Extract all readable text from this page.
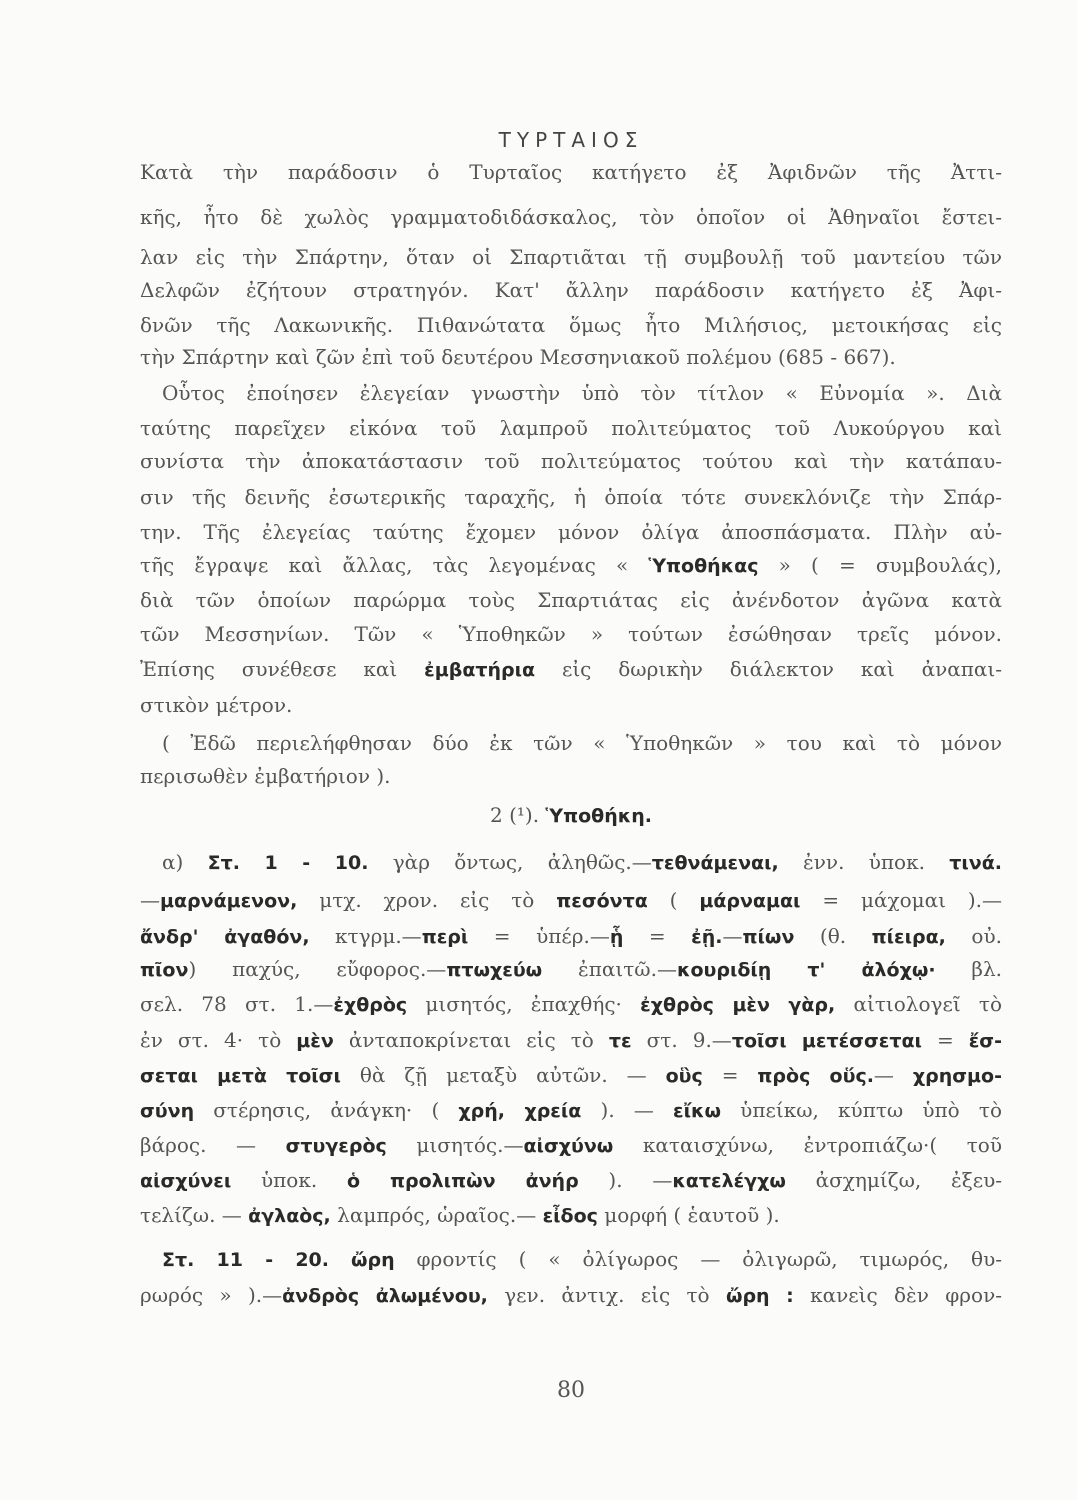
ΤΥΡΤΑΙΟΣ
Κατὰ τὴν παράδοσιν ὁ Τυρταῖος κατήγετο ἐξ Ἀφιδνῶν τῆς Ἀττι-
κῆς, ἦτο δὲ χωλὸς γραμματοδιδάσκαλος, τὸν ὁποῖον οἱ Ἀθηναῖοι ἔστει-
λαν εἰς τὴν Σπάρτην, ὅταν οἱ Σπαρτιᾶται τῇ συμβουλῇ τοῦ μαντείου τῶν
Δελφῶν ἐζήτουν στρατηγόν. Κατ' ἄλλην παράδοσιν κατήγετο ἐξ Ἀφι-
δνῶν τῆς Λακωνικῆς. Πιθανώτατα ὅμως ἦτο Μιλήσιος, μετοικήσας εἰς
τὴν Σπάρτην καὶ ζῶν ἐπὶ τοῦ δευτέρου Μεσσηνιακοῦ πολέμου (685 - 667).
Οὗτος ἐποίησεν ἐλεγείαν γνωστὴν ὑπὸ τὸν τίτλον « Εὐνομία ». Διὰ
ταύτης παρεῖχεν εἰκόνα τοῦ λαμπροῦ πολιτεύματος τοῦ Λυκούργου καὶ
συνίστα τὴν ἀποκατάστασιν τοῦ πολιτεύματος τούτου καὶ τὴν κατάπαυ-
σιν τῆς δεινῆς ἐσωτερικῆς ταραχῆς, ἡ ὁποία τότε συνεκλόνιζε τὴν Σπάρ-
την. Τῆς ἐλεγείας ταύτης ἔχομεν μόνον ὀλίγα ἀποσπάσματα. Πλὴν αὐ-
τῆς ἔγραψε καὶ ἄλλας, τὰς λεγομένας « Ὑποθήκας » ( = συμβουλάς),
διὰ τῶν ὁποίων παρώρμα τοὺς Σπαρτιάτας εἰς ἀνένδοτον ἀγῶνα κατὰ
τῶν Μεσσηνίων. Τῶν « Ὑποθηκῶν » τούτων ἐσώθησαν τρεῖς μόνον.
Ἐπίσης συνέθεσε καὶ ἐμβατήρια εἰς δωρικὴν διάλεκτον καὶ ἀναπαι-
στικὸν μέτρον.
( Ἐδῶ περιελήφθησαν δύο ἐκ τῶν « Ὑποθηκῶν » του καὶ τὸ μόνον
περισωθὲν ἐμβατήριον ).
2 (¹). Ὑποθήκη.
α) Στ. 1 - 10. γὰρ ὄντως, ἀληθῶς.—τεθνάμεναι, ἐνν. ὑποκ. τινά.
—μαρνάμενον, μτχ. χρον. εἰς τὸ πεσόντα ( μάρναμαι = μάχομαι ).—
ἄνδρ' ἀγαθόν, κτγρμ.—περὶ = ὑπέρ.—ᾗ = ἐῇ.—πίων (θ. πίειρα, οὐ.
πῖον) παχύς, εὔφορος.—πτωχεύω ἐπαιτῶ.—κουριδίῃ τ' ἀλόχῳ· βλ.
σελ. 78 στ. 1.—ἐχθρὸς μισητός, ἐπαχθής· ἐχθρὸς μὲν γὰρ, αἰτιολογεῖ τὸ
ἐν στ. 4· τὸ μὲν ἀνταποκρίνεται εἰς τὸ τε στ. 9.—τοῖσι μετέσσεται = ἔσ-
σεται μετὰ τοῖσι θὰ ζῇ μεταξὺ αὐτῶν. — οὓς = πρὸς οὕς.— χρησμο-
σύνη στέρησις, ἀνάγκη· ( χρή, χρεία ). — εἴκω ὑπείκω, κύπτω ὑπὸ τὸ
βάρος. — στυγερὸς μισητός.—αἰσχύνω καταισχύνω, ἐντροπιάζω·( τοῦ
αἰσχύνει ὑποκ. ὁ προλιπὼν ἀνήρ ). —κατελέγχω ἀσχημίζω, ἐξευ-
τελίζω. — ἀγλαὸς, λαμπρός, ὡραῖος.— εἶδος μορφή ( ἑαυτοῦ ).
Στ. 11 - 20. ὤρη φροντίς ( « ὀλίγωρος — ὀλιγωρῶ, τιμωρός, θυ-
ρωρός » ).—ἀνδρὸς ἀλωμένου, γεν. ἀντιχ. εἰς τὸ ὤρη : κανεὶς δὲν φρον-
80
